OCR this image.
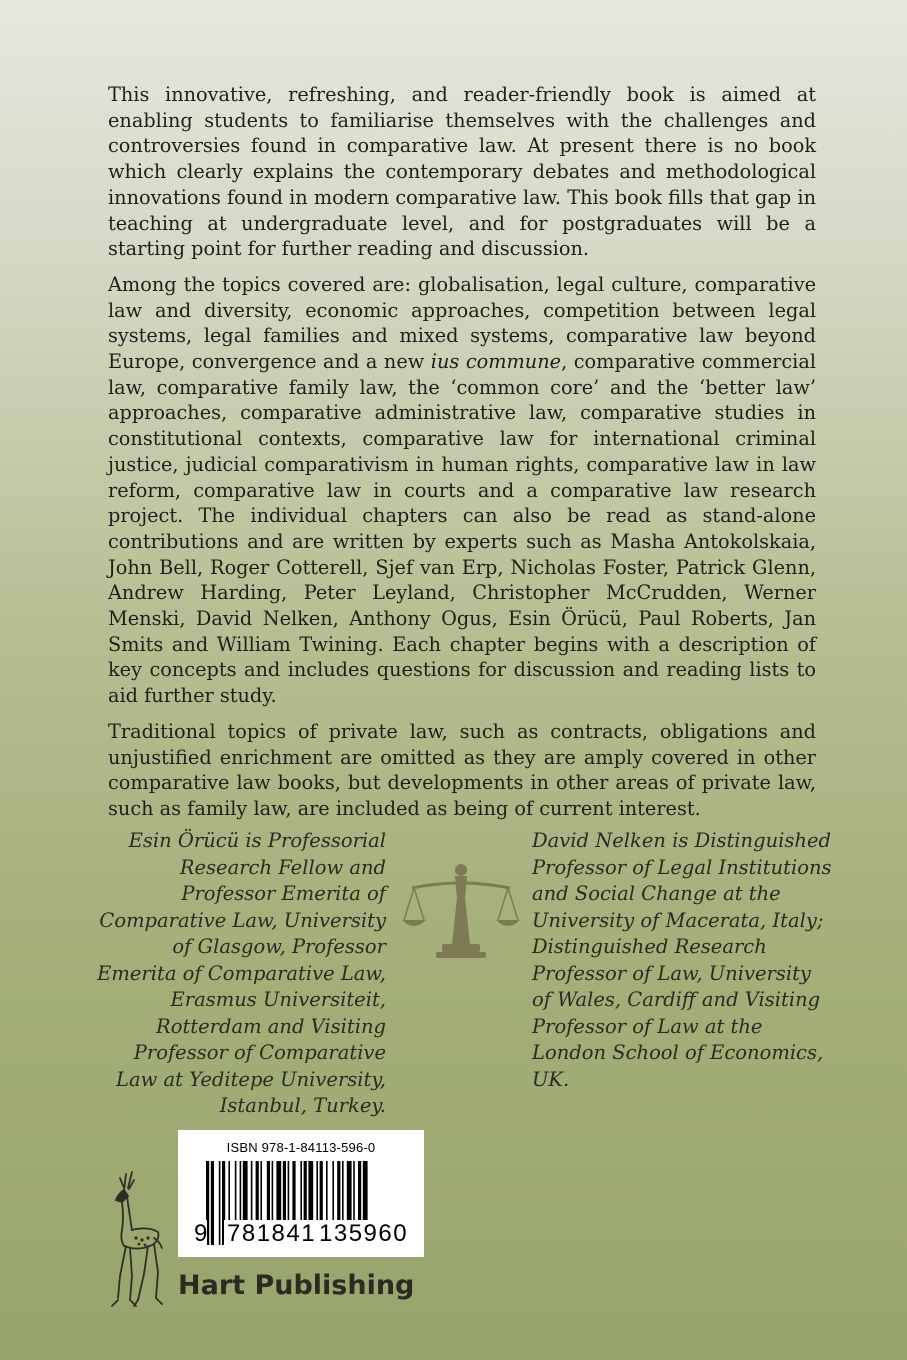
This innovative, refreshing, and reader-friendly book is aimed at enabling students to familiarise themselves with the challenges and controversies found in comparative law. At present there is no book which clearly explains the contemporary debates and methodological innovations found in modern comparative law. This book fills that gap in teaching at undergraduate level, and for postgraduates will be a starting point for further reading and discussion.

Among the topics covered are: globalisation, legal culture, comparative law and diversity, economic approaches, competition between legal systems, legal families and mixed systems, comparative law beyond Europe, convergence and a new ius commune, comparative commercial law, comparative family law, the ‘common core’ and the ‘better law’ approaches, comparative administrative law, comparative studies in constitutional contexts, comparative law for international criminal justice, judicial comparativism in human rights, comparative law in law reform, comparative law in courts and a comparative law research project. The individual chapters can also be read as stand-alone contributions and are written by experts such as Masha Antokolskaia, John Bell, Roger Cotterell, Sjef van Erp, Nicholas Foster, Patrick Glenn, Andrew Harding, Peter Leyland, Christopher McCrudden, Werner Menski, David Nelken, Anthony Ogus, Esin Örücü, Paul Roberts, Jan Smits and William Twining. Each chapter begins with a description of key concepts and includes questions for discussion and reading lists to aid further study.

Traditional topics of private law, such as contracts, obligations and unjustified enrichment are omitted as they are amply covered in other comparative law books, but developments in other areas of private law, such as family law, are included as being of current interest.

Esin Örücü is Professorial Research Fellow and Professor Emerita of Comparative Law, University of Glasgow, Professor Emerita of Comparative Law, Erasmus Universiteit, Rotterdam and Visiting Professor of Comparative Law at Yeditepe University, Istanbul, Turkey.
David Nelken is Distinguished Professor of Legal Institutions and Social Change at the University of Macerata, Italy; Distinguished Research Professor of Law, University of Wales, Cardiff and Visiting Professor of Law at the London School of Economics, UK.
ISBN 978-1-84113-596-0
9 781841 135960
Hart Publishing
